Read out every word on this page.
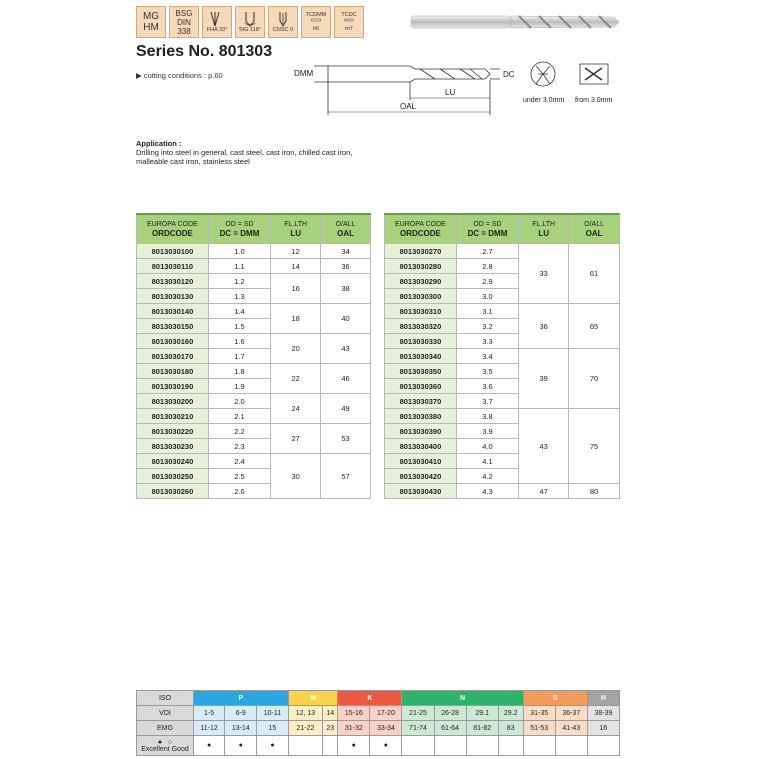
MG
HM
BSG
DIN
338	FHA 33° SIG 118° CNSC 0
TCDMM
h6
TCDC
m7
Series No. 801303
▶ cutting conditions : p.60	DMM	DC
LU
OAL
under 3.0mm from 3.0mm
Application :
Drilling into steel in general, cast steel, cast iron, chilled cast iron, malleable cast iron, stainless steel
EUROPA CODE
ORDCODE	OD = SD
DC = DMM	FL.LTH
LU	O/ALL
OAL
8013030100	1.0	12	34
8013030110	1.1	14	36
8013030120	1.2	16	38
8013030130	1.3		
8013030140	1.4	18	40
8013030150	1.5		
8013030160	1.6	20	43
8013030170	1.7		
8013030180	1.8	22	46
8013030190	1.9		
8013030200	2.0	24	49
8013030210	2.1		
8013030220	2.2	27	53
8013030230	2.3		
8013030240	2.4	30	57
8013030250	2.5		
8013030260	2.6		
EUROPA CODE
ORDCODE	OD = SD
DC = DMM	FL.LTH
LU	O/ALL
OAL
8013030270	2.7	33	61
8013030280	2.8		
8013030290	2.9		
8013030300	3.0		
8013030310	3.1	36	65
8013030320	3.2		
8013030330	3.3		
8013030340	3.4	39	70
8013030350	3.5		
8013030360	3.6		
8013030370	3.7		
8013030380	3.8	43	75
8013030390	3.9		
8013030400	4.0		
8013030410	4.1		
8013030420	4.2		
8013030430	4.3	47	80
ISO	P			M		K		N				S		H
VDI	1-5	6-9	10-11	12, 13	14	15-16	17-20	21-25	26-28	29.1	29.2	31-35	36-37	38-39
EMG	11-12	13-14	15	21-22	23	31-32	33-34	71-74	61-64	81-82	83	51-53	41-43	16
● ○
Excellent Good	●	●	●			●	●							
